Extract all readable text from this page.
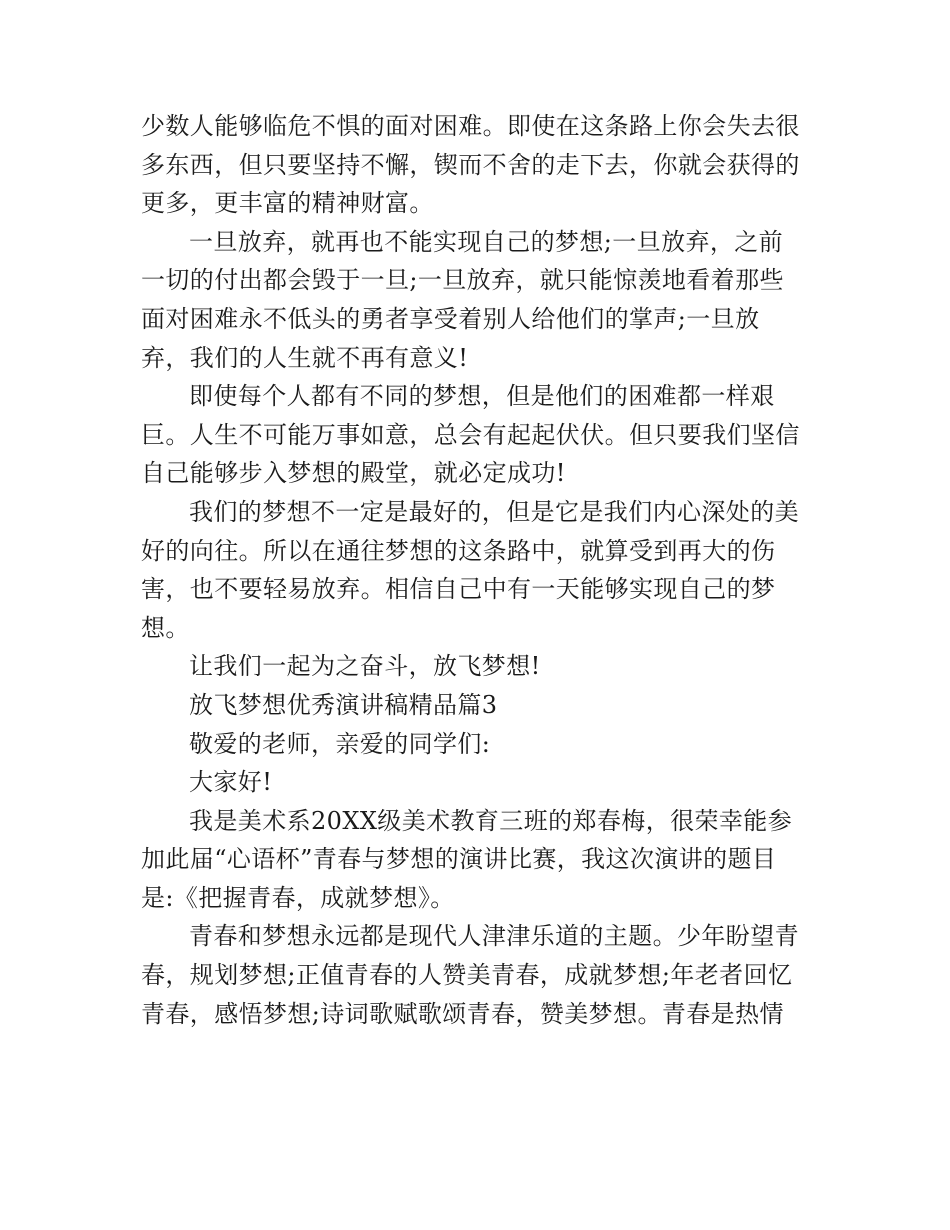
少数人能够临危不惧的面对困难。即使在这条路上你会失去很
多东西，但只要坚持不懈，锲而不舍的走下去，你就会获得的
更多，更丰富的精神财富。
一旦放弃，就再也不能实现自己的梦想;一旦放弃，之前
一切的付出都会毁于一旦;一旦放弃，就只能惊羡地看着那些
面对困难永不低头的勇者享受着别人给他们的掌声;一旦放
弃，我们的人生就不再有意义!
即使每个人都有不同的梦想，但是他们的困难都一样艰
巨。人生不可能万事如意，总会有起起伏伏。但只要我们坚信
自己能够步入梦想的殿堂，就必定成功!
我们的梦想不一定是最好的，但是它是我们内心深处的美
好的向往。所以在通往梦想的这条路中，就算受到再大的伤
害，也不要轻易放弃。相信自己中有一天能够实现自己的梦
想。
让我们一起为之奋斗，放飞梦想!
放飞梦想优秀演讲稿精品篇3
敬爱的老师，亲爱的同学们:
大家好!
我是美术系20XX级美术教育三班的郑春梅，很荣幸能参
加此届“心语杯”青春与梦想的演讲比赛，我这次演讲的题目
是:《把握青春，成就梦想》。
青春和梦想永远都是现代人津津乐道的主题。少年盼望青
春，规划梦想;正值青春的人赞美青春，成就梦想;年老者回忆
青春，感悟梦想;诗词歌赋歌颂青春，赞美梦想。青春是热情
